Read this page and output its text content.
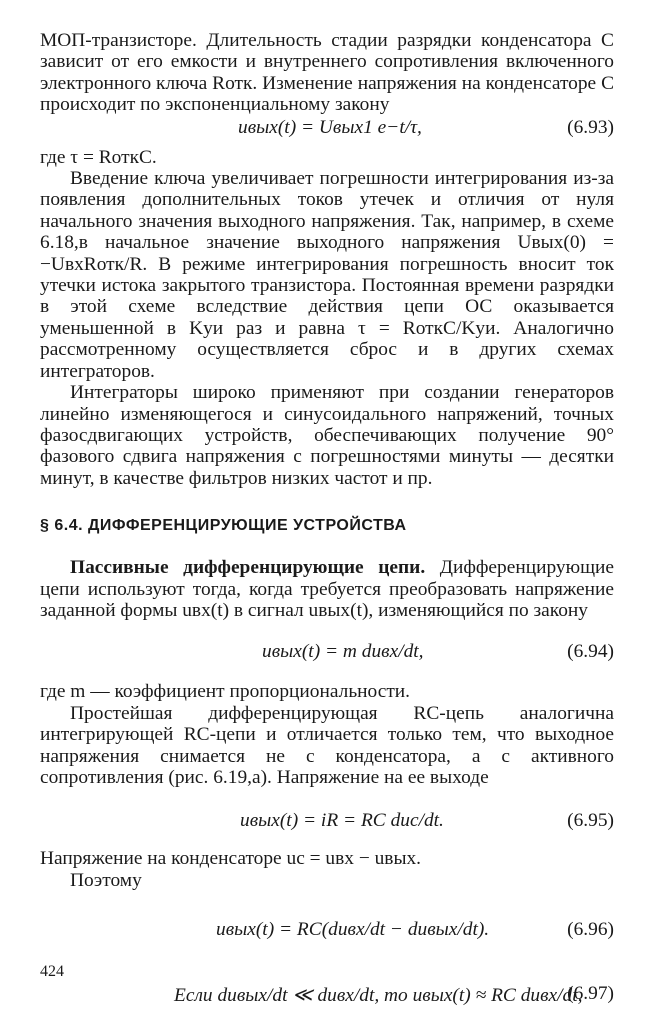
МОП-транзисторе. Длительность стадии разрядки конденсатора C зависит от его емкости и внутреннего сопротивления включенного электронного ключа Rотк. Изменение напряжения на конденсаторе C происходит по экспоненциальному закону

uвых(t) = Uвых1 e−t/τ,	(6.93)

где τ = RоткC.

Введение ключа увеличивает погрешности интегрирования из-за появления дополнительных токов утечек и отличия от нуля начального значения выходного напряжения. Так, например, в схеме 6.18,в начальное значение выходного напряжения Uвых(0) = −UвхRотк/R. В режиме интегрирования погрешность вносит ток утечки истока закрытого транзистора. Постоянная времени разрядки в этой схеме вследствие действия цепи ОС оказывается уменьшенной в Kуи раз и равна τ = RоткC/Kуи. Аналогично рассмотренному осуществляется сброс и в других схемах интеграторов.

Интеграторы широко применяют при создании генераторов линейно изменяющегося и синусоидального напряжений, точных фазосдвигающих устройств, обеспечивающих получение 90° фазового сдвига напряжения с погрешностями минуты — десятки минут, в качестве фильтров низких частот и пр.

§ 6.4. ДИФФЕРЕНЦИРУЮЩИЕ УСТРОЙСТВА

Пассивные дифференцирующие цепи. Дифференцирующие цепи используют тогда, когда требуется преобразовать напряжение заданной формы uвх(t) в сигнал uвых(t), изменяющийся по закону

uвых(t) = m duвх/dt,	(6.94)

где m — коэффициент пропорциональности.

Простейшая дифференцирующая RC-цепь аналогична интегрирующей RC-цепи и отличается только тем, что выходное напряжения снимается не с конденсатора, а с активного сопротивления (рис. 6.19,а). Напряжение на ее выходе

uвых(t) = iR = RC duc/dt.	(6.95)

Напряжение на конденсаторе uc = uвх − uвых.

Поэтому

uвых(t) = RC(duвх/dt − duвых/dt).	(6.96)
Если duвых/dt ≪ duвх/dt, то uвых(t) ≈ RC duвх/dt,
(6.97)
424
